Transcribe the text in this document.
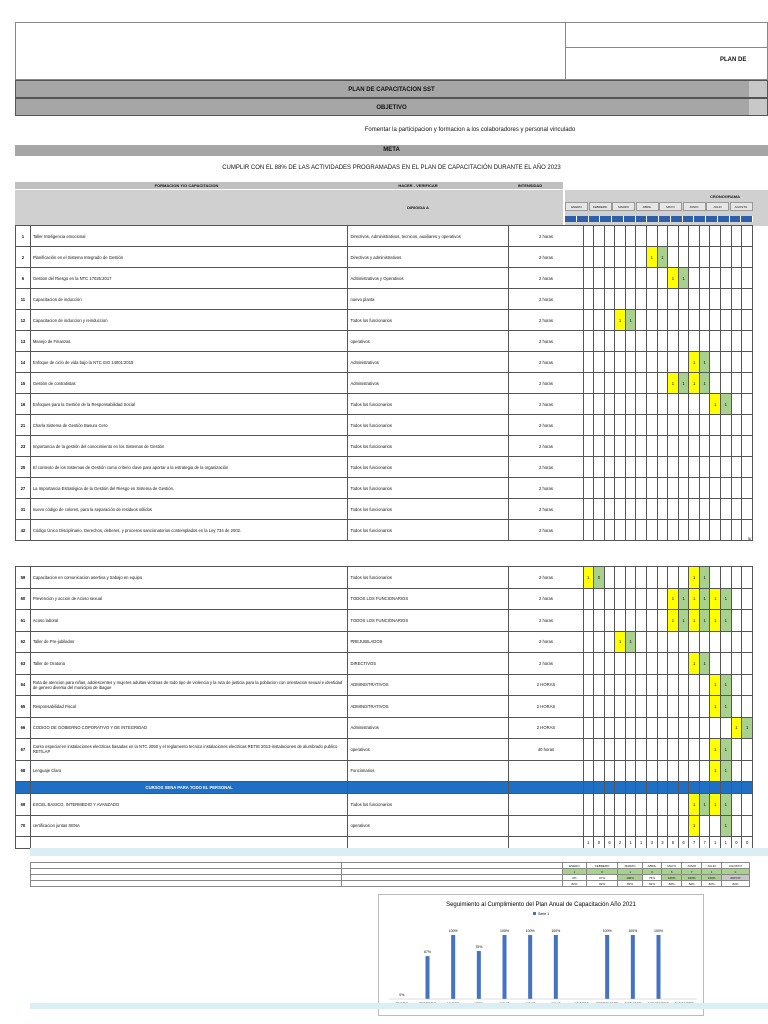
PLAN DE
PLAN DE CAPACITACION SST
OBJETIVO
Fomentar la participacion y formacion a los colaboradores y personal vinculado
META
CUMPLIR CON EL 88% DE LAS ACTIVIDADES PROGRAMADAS EN EL PLAN DE CAPACITACIÓN DURANTE EL AÑO 2023
FORMACION Y/O CAPACITACION	HACER - VERIFICAR	INTENSIDAD
CRONOGRAMA
DIRIGIDA A	ENERO	FEBRERO	MARZO	ABRIL	MAYO	JUNIO	JULIO	AGOSTO
1	Taller Inteligencia emocional	Directivos, Administrativos, tecnicos, auxiliares y operativos	2 horas																
2	Planificación en el Sistema Integrado de Gestión	Directivos y administrativos	2 horas							1	1								
6	Gestion del Riesgo en la NTC 17025:2017	Administrativos y Operativos	2 horas									1	1						
11	Capacitacion de induccion	nuevo planta	2 horas																
12	Capacitacion de induccion y reinduccion	Todos los funcionarios	2 horas				1	1											
13	Manejo de Finanzas	operativos	2 horas																
14	Enfoque de ciclo de vida bajo la NTC ISO 14001:2015	Administrativos	2 horas											1	1				
15	Gestión de contratistas	Administrativos	2 horas									1	1	1	1				
16	Enfoques para la Gestión de la Responsabilidad Social	Todos los funcionarios	2 horas													1	1		
21	Charla Sistema de Gestión Basura Cero	Todos los funcionarios	2 horas																
23	Importancia de la gestión del conocimiento en los Sistemas de Gestión	Todos los funcionarios	2 horas																
25	El contexto de los Sistemas de Gestión como criterio clave para aportar a la estrategia de la organización	Todos los funcionarios	2 horas																
27	La Importancia Estratégica de la Gestión del Riesgo en Sistema de Gestión.	Todos los funcionarios	2 horas																
31	nuevo código de colores, para la separación de residuos sólidos	Todos los funcionarios	2 horas																
42	Código Único Disciplinario. Derechos, deberes, y procesos sancionatorios contemplados en la Ley 734 de 2002.	Todos los funcionarios	2 horas																
5/
59	Capacitacion en comunicacion asertiva y trabajo en equipo	Todos los funcionarios	2 horas	1	0									1	1				
60	Prevencion y accion de Acoso sexual	TODOS LOS FUNCIONARIOS	2 horas									1	1	1	1	1	1		
61	Acoso laboral	TODOS LOS FUNCIONARIOS	2 horas									1	1	1	1	1	1		
62	Taller de Pre-jubilados	PREJUBILADOS	2 horas				1	1											
63	Taller de Oratoria	DIRECTIVOS	2 horas											1	1				
64	Ruta de atencion para niñas, adolescentes y mujeres adultas victimas de todo tipo de violencia y la ruta de justicia para la poblacion con orientacion sexual e identidad de genero diversa del municipio de ibague	ADMINISTRATIVOS	2 HORAS													1	1		
65	Responsabilidad Fiscal	ADMINISTRATIVOS	2 HORAS													1	1		
66	CODIGO DE GOBIERNO COPORATIVO Y DE INTEGRIDAD	Administrativos	2 HORAS															1	1
67	Curso especial en instalaciones electricas basadas en la NTC 2050 y el reglamento tecnico instalaciones electricas RETIE 2013-instalaciones de alumbrado publico RETILAP	operativos	40 horas													1	1		
68	Lenguaje Claro	Funcionarios														1	1		
	CURSOS SENA PARA TODO EL PERSONAL																		
69	EXCEL BASICO, INTERMEDIO Y AVANZADO	Todos los funcionarios												1	1	1	1		
70	certificacion juntas SENA	operativos												1			1		
				1	0	6	2	1	1	3	3	6	6	7	7	1	1	0	0
		ENERO	FEBRERO	MARZO	ABRIL	MAYO	JUNIO	JULIO	AGOSTO
		1	6	1	3	6	7	1	0
		0%	67%	100%	75%	100%	100%	100%	#DIV/0!
		82%	82%	82%	82%	82%	82%	82%	82%
Seguimiento al Cumplimiento del Plan Anual de Capacitación Año 2021
Serie 1
0%
67%
100%
75%
100%	100%	100%	100%	100%	100%
